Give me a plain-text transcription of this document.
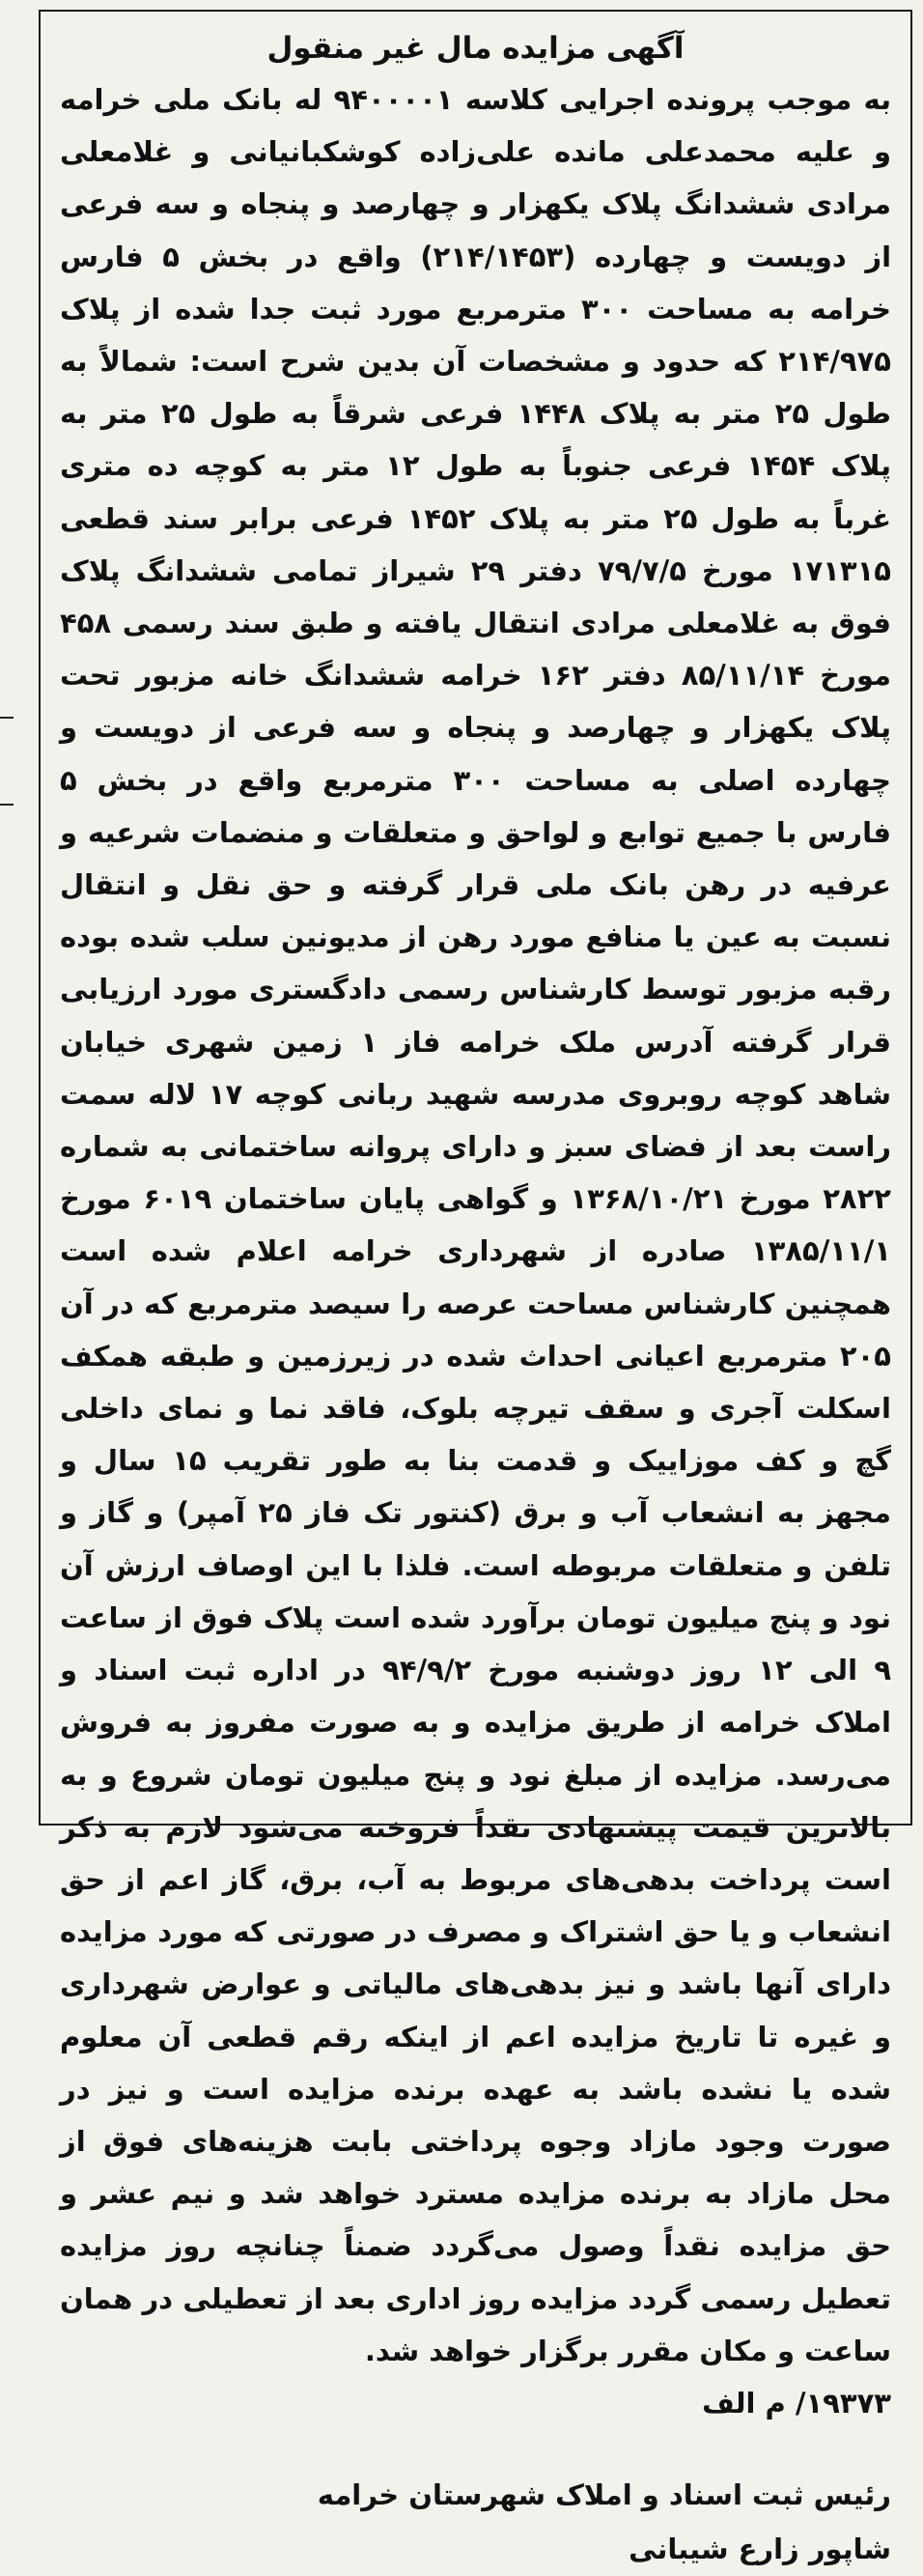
آگهی مزایده مال غیر منقول

به موجب پرونده اجرایی کلاسه ۹۴۰۰۰۰۱ له بانک ملی خرامه و علیه محمدعلی مانده علی‌زاده کوشکبانیانی و غلامعلی مرادی ششدانگ پلاک یکهزار و چهارصد و پنجاه و سه فرعی از دویست و چهارده (۲۱۴/۱۴۵۳) واقع در بخش ۵ فارس خرامه به مساحت ۳۰۰ مترمربع مورد ثبت جدا شده از پلاک ۲۱۴/۹۷۵ که حدود و مشخصات آن بدین شرح است: شمالاً به طول ۲۵ متر به پلاک ۱۴۴۸ فرعی شرقاً به طول ۲۵ متر به پلاک ۱۴۵۴ فرعی جنوباً به طول ۱۲ متر به کوچه ده متری غرباً به طول ۲۵ متر به پلاک ۱۴۵۲ فرعی برابر سند قطعی ۱۷۱۳۱۵ مورخ ۷۹/۷/۵ دفتر ۲۹ شیراز تمامی ششدانگ پلاک فوق به غلامعلی مرادی انتقال یافته و طبق سند رسمی ۴۵۸ مورخ ۸۵/۱۱/۱۴ دفتر ۱۶۲ خرامه ششدانگ خانه مزبور تحت پلاک یکهزار و چهارصد و پنجاه و سه فرعی از دویست و چهارده اصلی به مساحت ۳۰۰ مترمربع واقع در بخش ۵ فارس با جمیع توابع و لواحق و متعلقات و منضمات شرعیه و عرفیه در رهن بانک ملی قرار گرفته و حق نقل و انتقال نسبت به عین یا منافع مورد رهن از مدیونین سلب شده بوده رقبه مزبور توسط کارشناس رسمی دادگستری مورد ارزیابی قرار گرفته آدرس ملک خرامه فاز ۱ زمین شهری خیابان شاهد کوچه روبروی مدرسه شهید ربانی کوچه ۱۷ لاله سمت راست بعد از فضای سبز و دارای پروانه ساختمانی به شماره ۲۸۲۲ مورخ ۱۳۶۸/۱۰/۲۱ و گواهی پایان ساختمان ۶۰۱۹ مورخ ۱۳۸۵/۱۱/۱ صادره از شهرداری خرامه اعلام شده است همچنین کارشناس مساحت عرصه را سیصد مترمربع که در آن ۲۰۵ مترمربع اعیانی احداث شده در زیرزمین و طبقه همکف اسکلت آجری و سقف تیرچه بلوک، فاقد نما و نمای داخلی گچ و کف موزاییک و قدمت بنا به طور تقریب ۱۵ سال و مجهز به انشعاب آب و برق (کنتور تک فاز ۲۵ آمپر) و گاز و تلفن و متعلقات مربوطه است. فلذا با این اوصاف ارزش آن نود و پنج میلیون تومان برآورد شده است پلاک فوق از ساعت ۹ الی ۱۲ روز دوشنبه مورخ ۹۴/۹/۲ در اداره ثبت اسناد و املاک خرامه از طریق مزایده و به صورت مفروز به فروش می‌رسد. مزایده از مبلغ نود و پنج میلیون تومان شروع و به بالاترین قیمت پیشنهادی نقداً فروخته می‌شود لازم به ذکر است پرداخت بدهی‌های مربوط به آب، برق، گاز اعم از حق انشعاب و یا حق اشتراک و مصرف در صورتی که مورد مزایده دارای آنها باشد و نیز بدهی‌های مالیاتی و عوارض شهرداری و غیره تا تاریخ مزایده اعم از اینکه رقم قطعی آن معلوم شده یا نشده باشد به عهده برنده مزایده است و نیز در صورت وجود مازاد وجوه پرداختی بابت هزینه‌های فوق از محل مازاد به برنده مزایده مسترد خواهد شد و نیم عشر و حق مزایده نقداً وصول می‌گردد ضمناً چنانچه روز مزایده تعطیل رسمی گردد مزایده روز اداری بعد از تعطیلی در همان ساعت و مکان مقرر برگزار خواهد شد.

۱۹۳۷۳/ م الف

رئیس ثبت اسناد و املاک شهرستان خرامه
شاپور زارع شیبانی
